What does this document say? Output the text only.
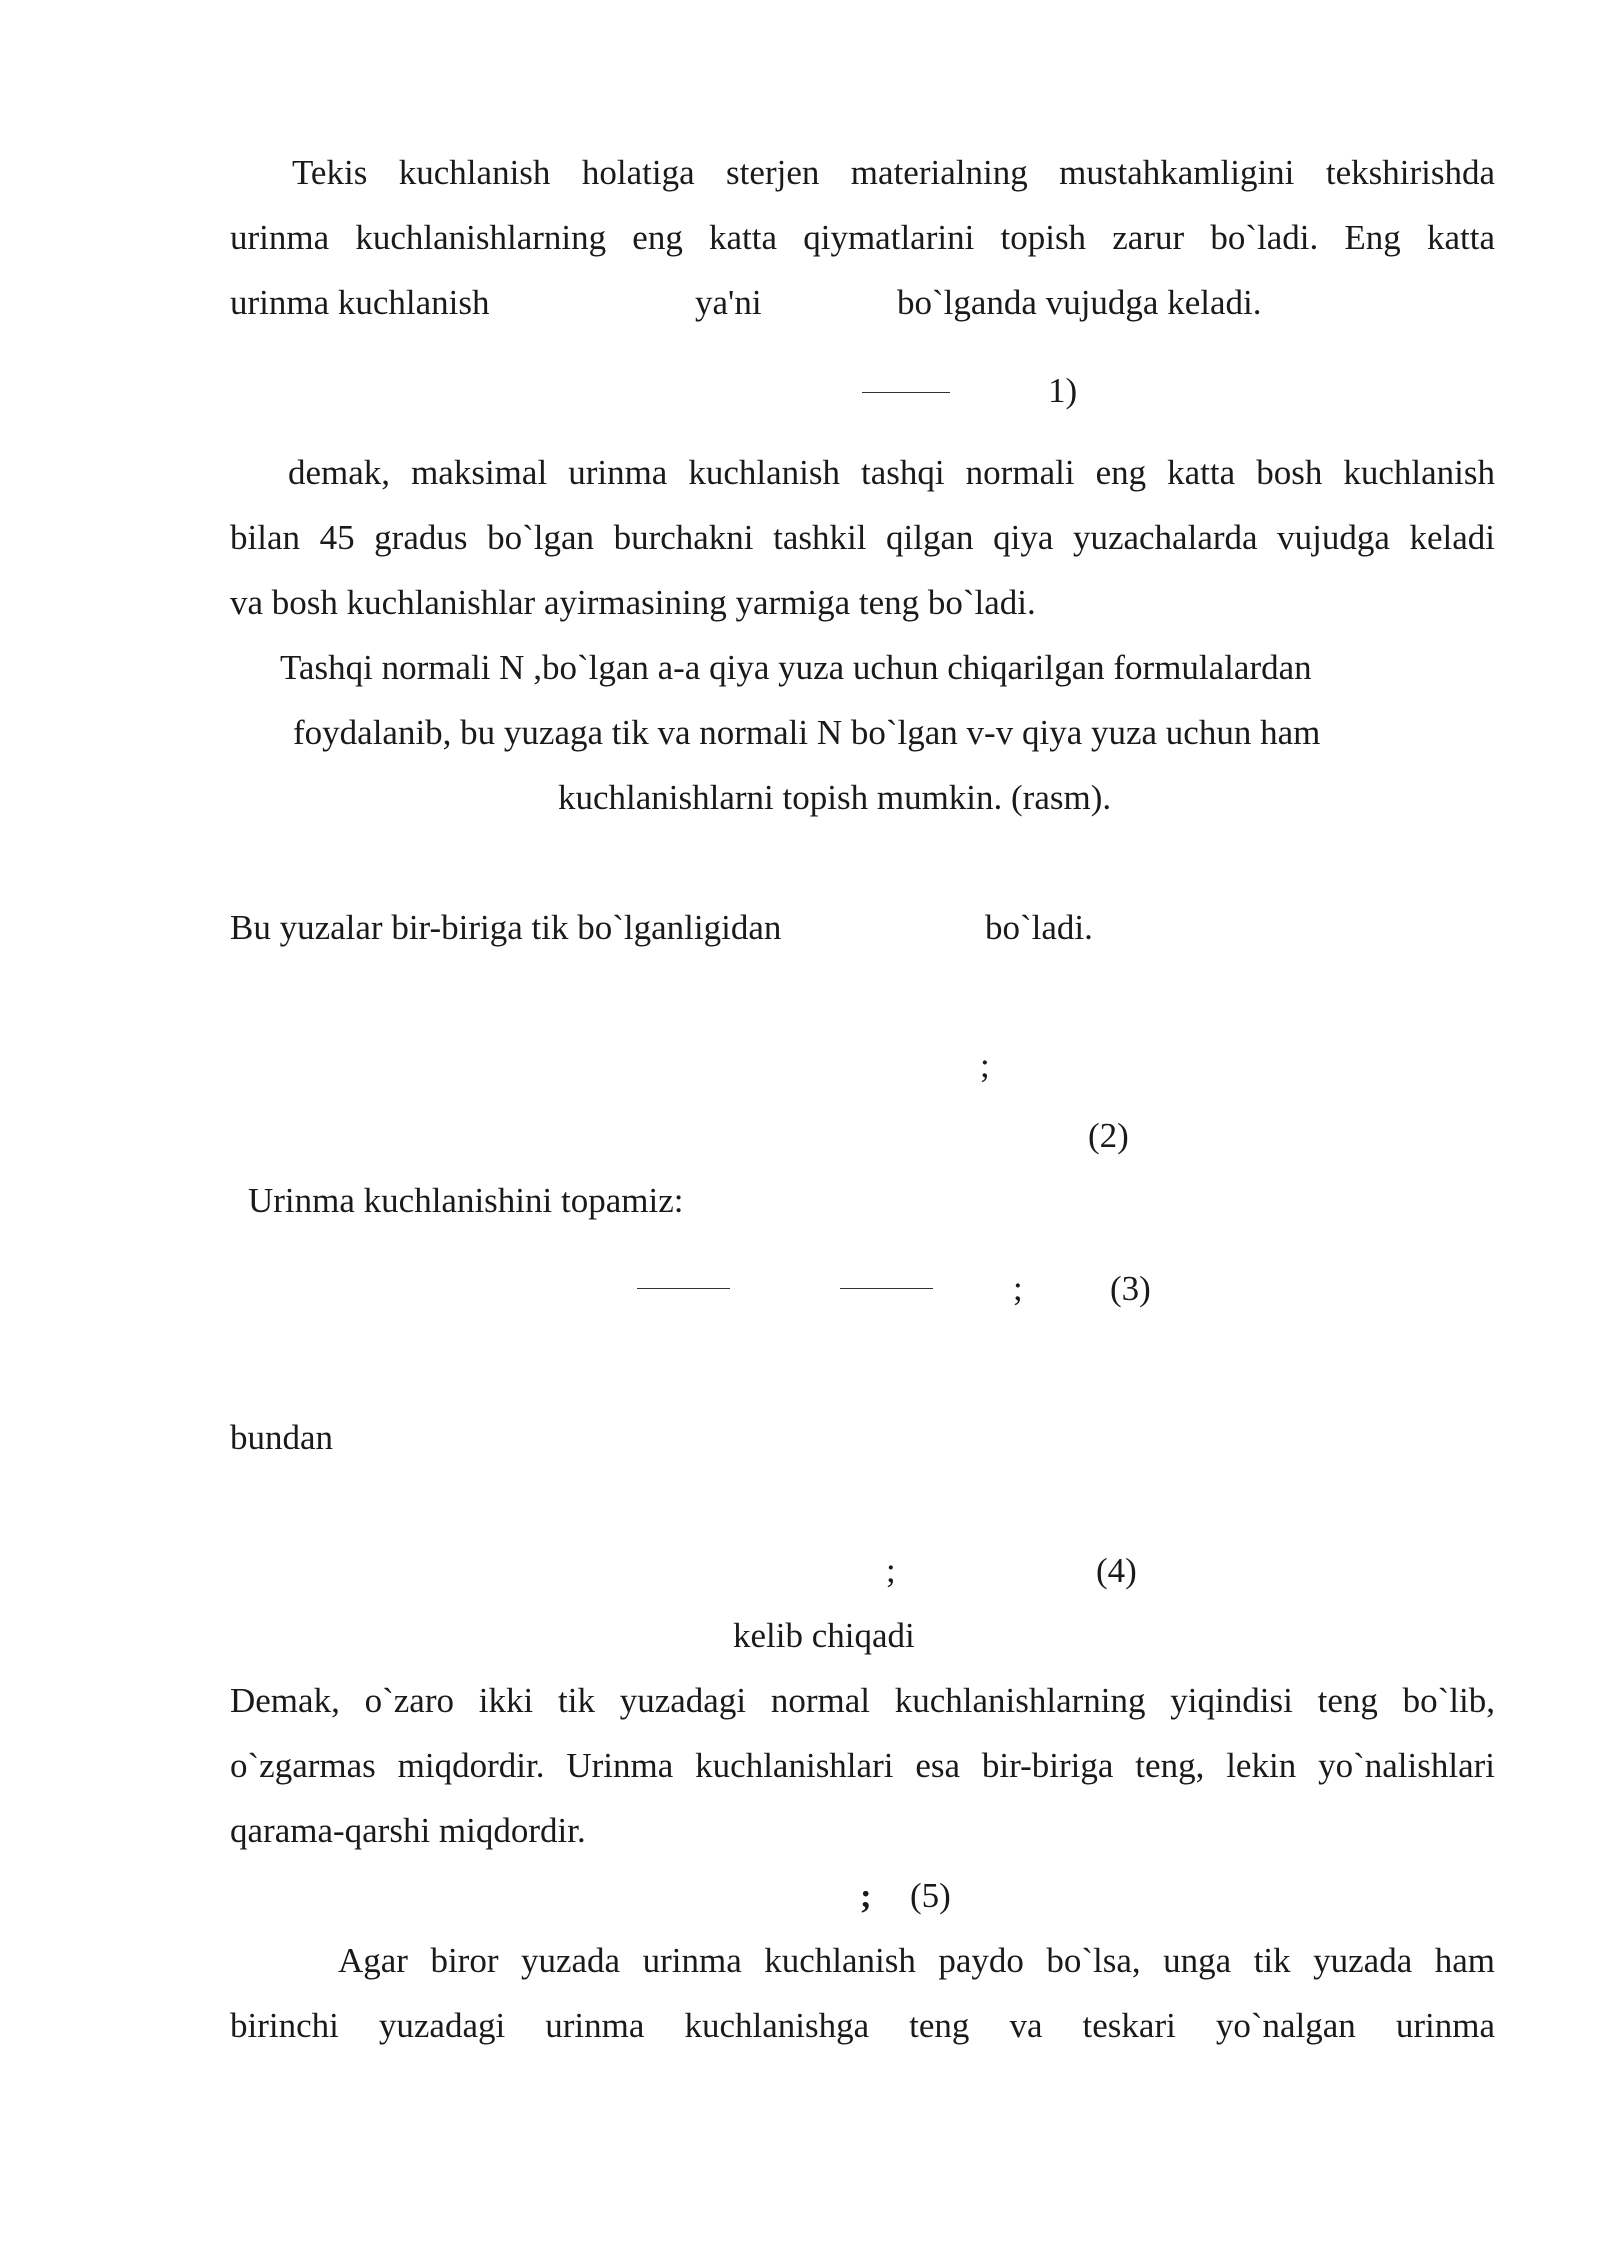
Tekis kuchlanish holatiga sterjen materialning mustahkamligini tekshirishda
urinma kuchlanishlarning eng katta qiymatlarini topish zarur bo`ladi. Eng katta
urinma kuchlanish	ya'ni	bo`lganda vujudga keladi.
1)
demak, maksimal urinma kuchlanish tashqi normali eng katta bosh kuchlanish
bilan 45 gradus bo`lgan burchakni tashkil qilgan qiya yuzachalarda vujudga keladi
va bosh kuchlanishlar ayirmasining yarmiga teng bo`ladi.
Tashqi normali N ,bo`lgan a-a qiya yuza uchun chiqarilgan formulalardan
foydalanib, bu yuzaga tik va normali N bo`lgan v-v qiya yuza uchun ham
kuchlanishlarni topish mumkin. (rasm).
Bu yuzalar bir-biriga tik bo`lganligidan	bo`ladi.
;
(2)
Urinma kuchlanishini topamiz:
; (3)
bundan
;	(4)
kelib chiqadi
Demak, o`zaro ikki tik yuzadagi normal kuchlanishlarning yiqindisi teng bo`lib,
o`zgarmas miqdordir. Urinma kuchlanishlari esa bir-biriga teng, lekin yo`nalishlari
qarama-qarshi miqdordir.
; (5)
Agar biror yuzada urinma kuchlanish paydo bo`lsa, unga tik yuzada ham
birinchi yuzadagi urinma kuchlanishga teng va teskari yo`nalgan urinma
